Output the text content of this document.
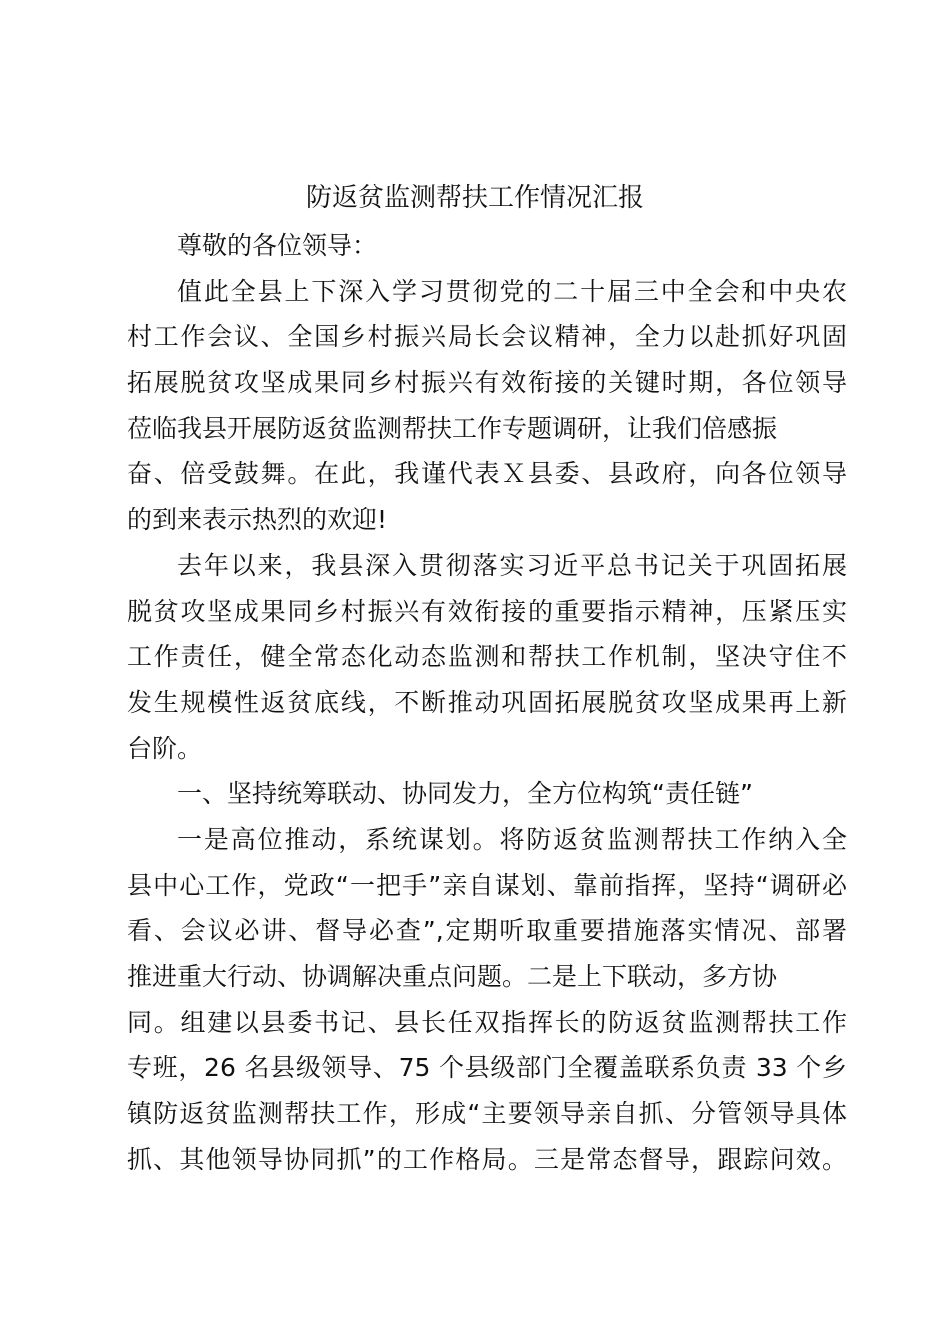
防返贫监测帮扶工作情况汇报
尊敬的各位领导：
值此全县上下深入学习贯彻党的二十届三中全会和中央农
村工作会议、全国乡村振兴局长会议精神，全力以赴抓好巩固
拓展脱贫攻坚成果同乡村振兴有效衔接的关键时期，各位领导
莅临我县开展防返贫监测帮扶工作专题调研，让我们倍感振
奋、倍受鼓舞。在此，我谨代表Ｘ县委、县政府，向各位领导
的到来表示热烈的欢迎!
去年以来，我县深入贯彻落实习近平总书记关于巩固拓展
脱贫攻坚成果同乡村振兴有效衔接的重要指示精神，压紧压实
工作责任，健全常态化动态监测和帮扶工作机制，坚决守住不
发生规模性返贫底线，不断推动巩固拓展脱贫攻坚成果再上新
台阶。
一、坚持统筹联动、协同发力，全方位构筑“责任链”
一是高位推动，系统谋划。将防返贫监测帮扶工作纳入全
县中心工作，党政“一把手”亲自谋划、靠前指挥，坚持“调研必
看、会议必讲、督导必查”,定期听取重要措施落实情况、部署
推进重大行动、协调解决重点问题。二是上下联动，多方协
同。组建以县委书记、县长任双指挥长的防返贫监测帮扶工作
专班，26 名县级领导、75 个县级部门全覆盖联系负责 33 个乡
镇防返贫监测帮扶工作，形成“主要领导亲自抓、分管领导具体
抓、其他领导协同抓”的工作格局。三是常态督导，跟踪问效。
